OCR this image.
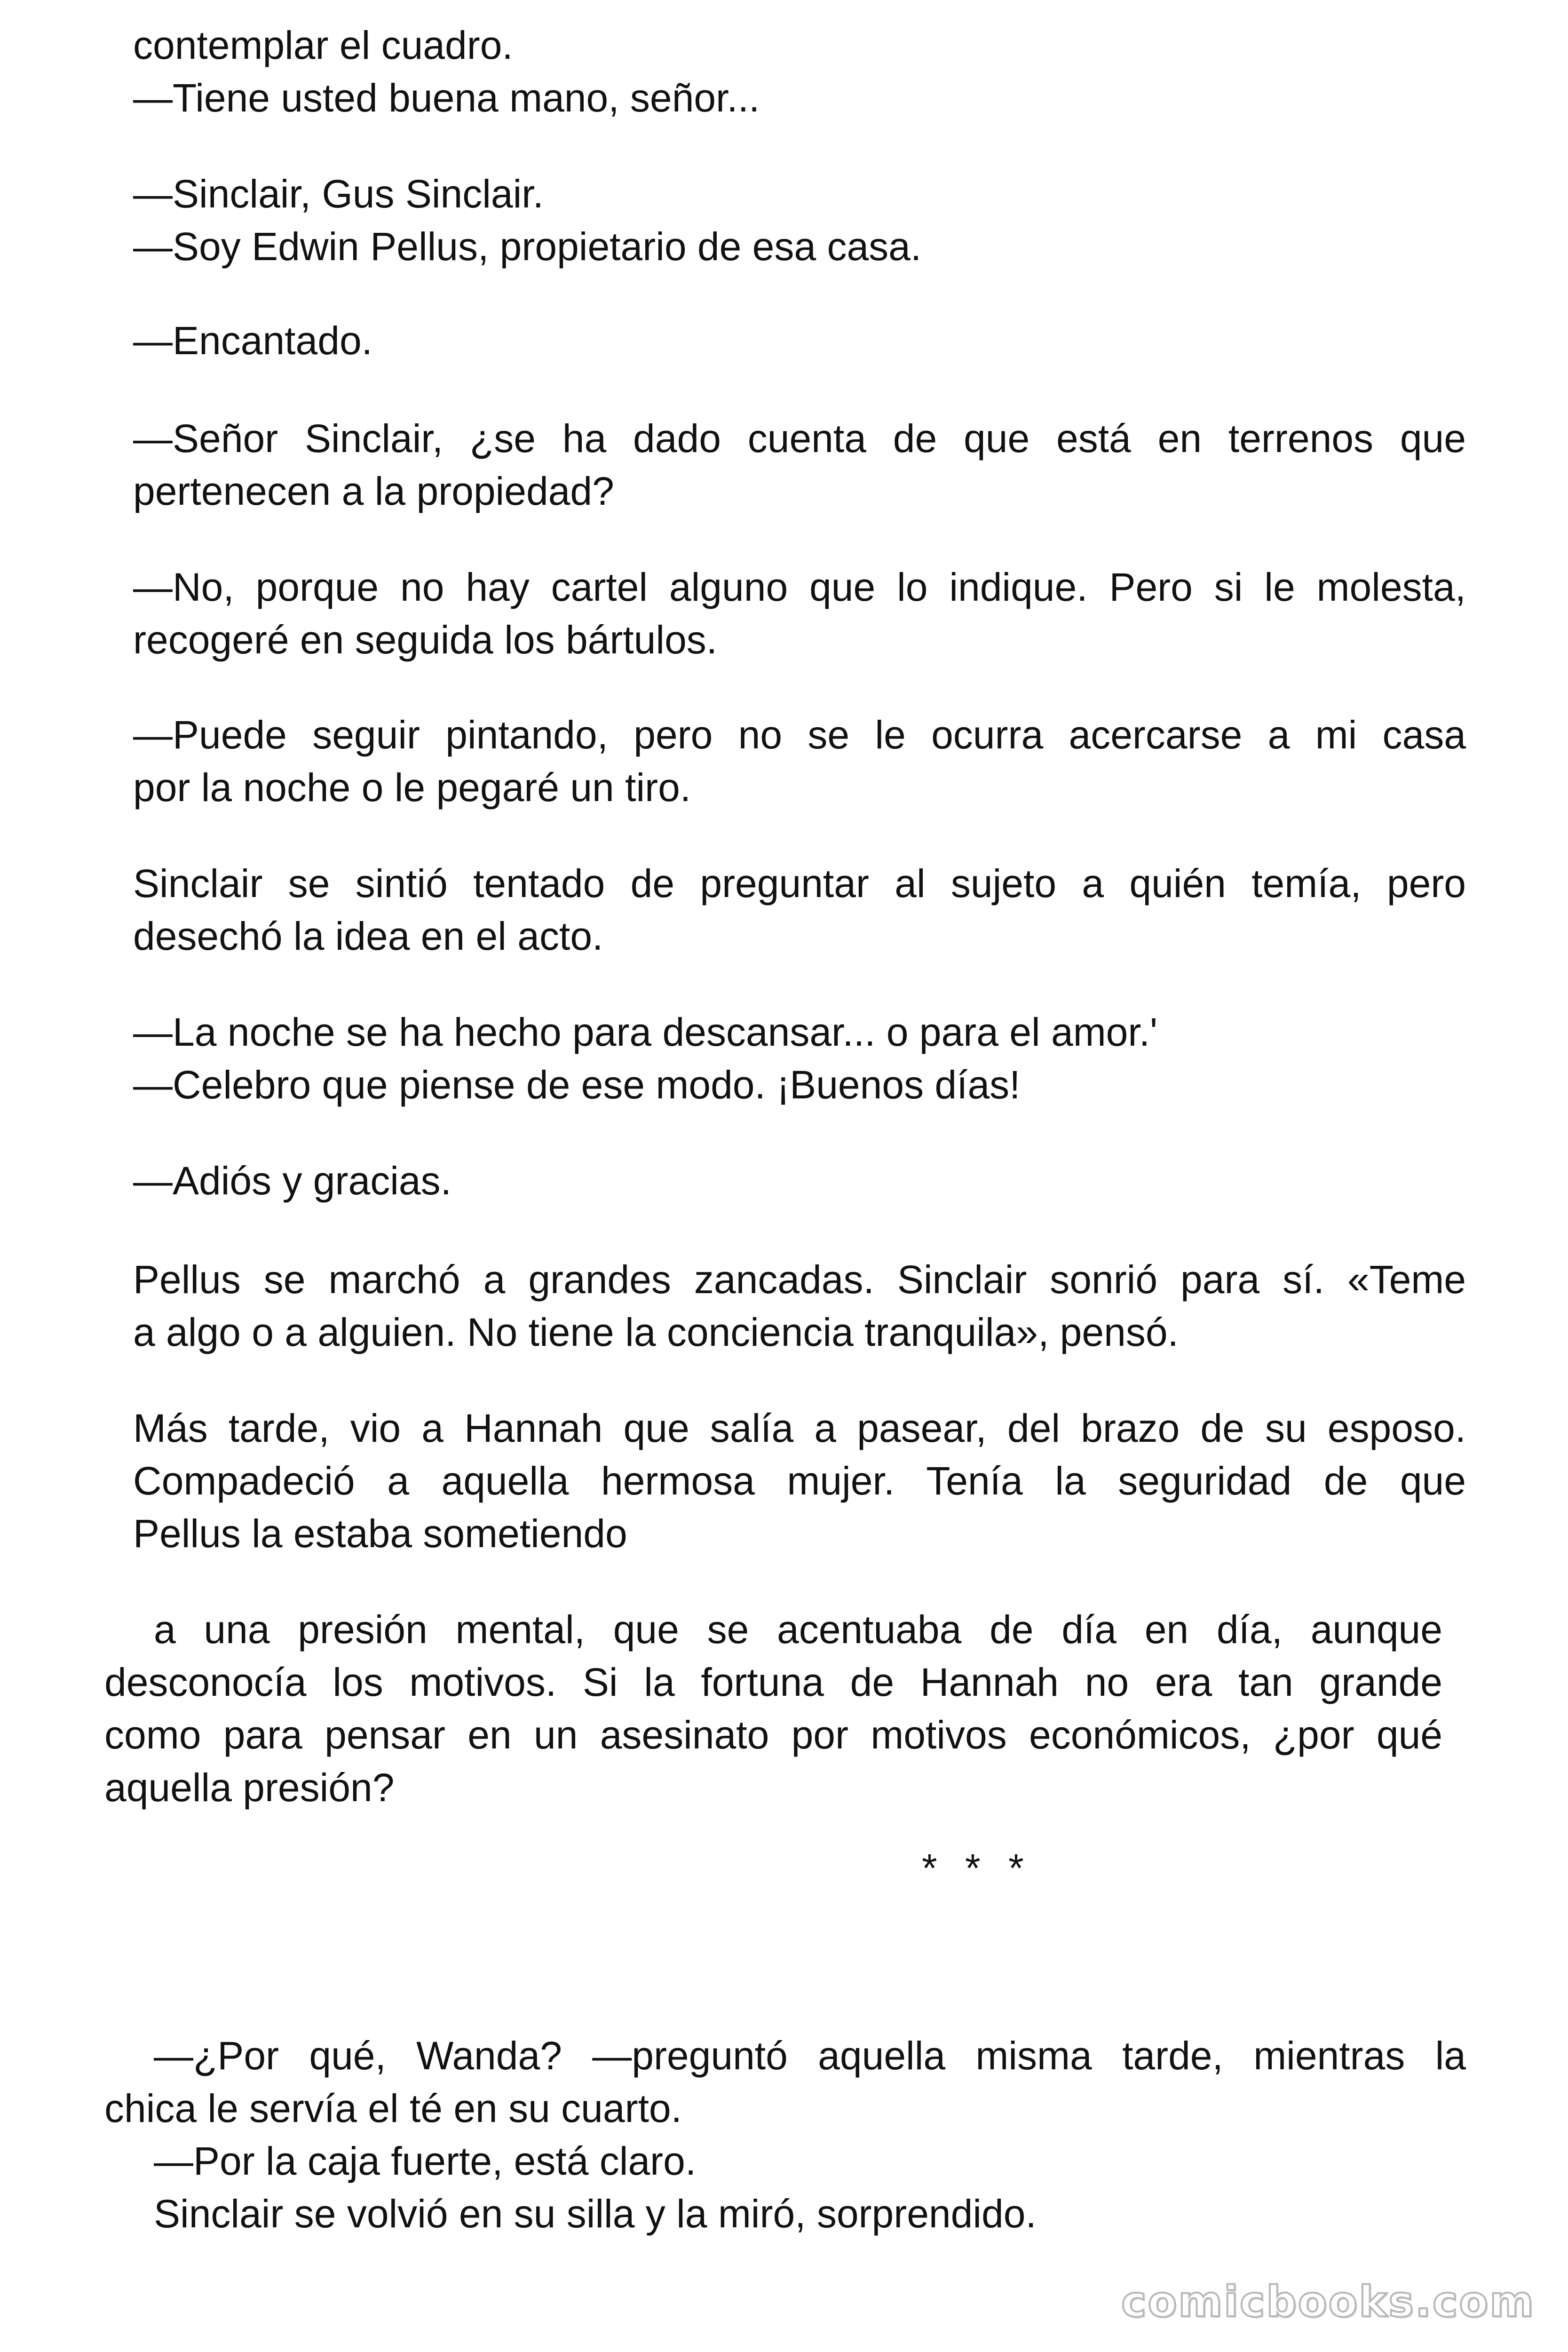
contemplar el cuadro.
—Tiene usted buena mano, señor...
—Sinclair, Gus Sinclair.
—Soy Edwin Pellus, propietario de esa casa.
—Encantado.
—Señor Sinclair, ¿se ha dado cuenta de que está en terrenos que
pertenecen a la propiedad?
—No, porque no hay cartel alguno que lo indique. Pero si le molesta,
recogeré en seguida los bártulos.
—Puede seguir pintando, pero no se le ocurra acercarse a mi casa
por la noche o le pegaré un tiro.
Sinclair se sintió tentado de preguntar al sujeto a quién temía, pero
desechó la idea en el acto.
—La noche se ha hecho para descansar... o para el amor.'
—Celebro que piense de ese modo. ¡Buenos días!
—Adiós y gracias.
Pellus se marchó a grandes zancadas. Sinclair sonrió para sí. «Teme
a algo o a alguien. No tiene la conciencia tranquila», pensó.
Más tarde, vio a Hannah que salía a pasear, del brazo de su esposo.
Compadeció a aquella hermosa mujer. Tenía la seguridad de que
Pellus la estaba sometiendo
a una presión mental, que se acentuaba de día en día, aunque
desconocía los motivos. Si la fortuna de Hannah no era tan grande
como para pensar en un asesinato por motivos económicos, ¿por qué
aquella presión?
* * *
—¿Por qué, Wanda? —preguntó aquella misma tarde, mientras la
chica le servía el té en su cuarto.
—Por la caja fuerte, está claro.
Sinclair se volvió en su silla y la miró, sorprendido.
comicbooks.com
